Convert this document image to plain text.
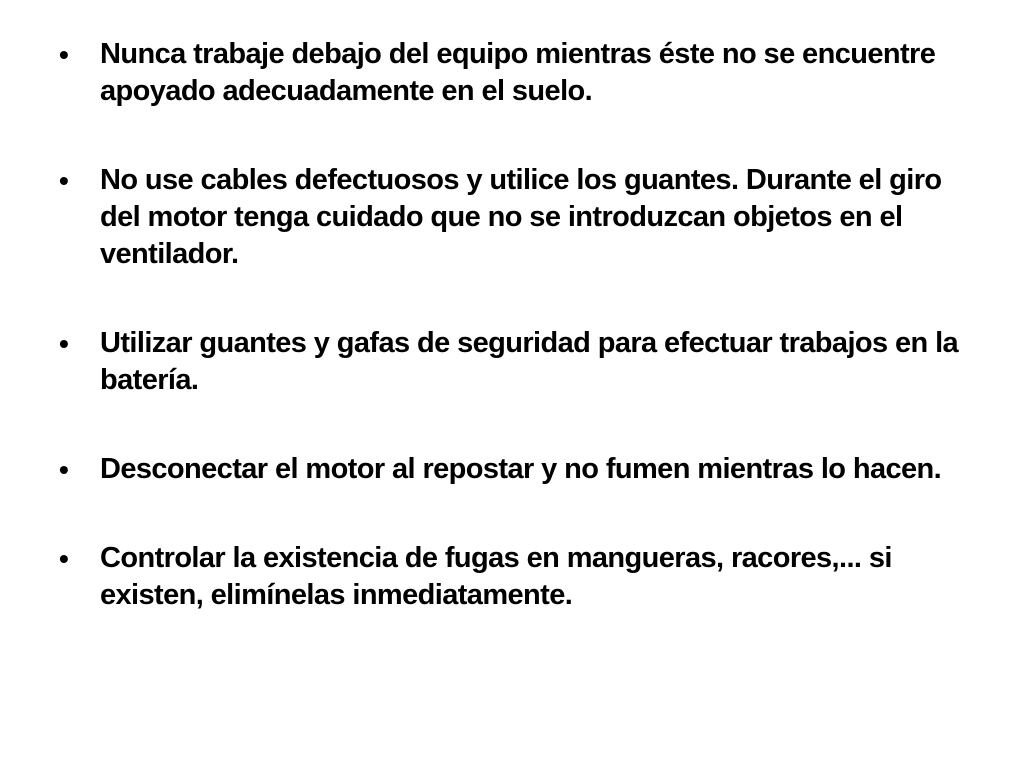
•	Nunca trabaje debajo del equipo mientras éste no se encuentre apoyado adecuadamente en el suelo.
•	No use cables defectuosos y utilice los guantes. Durante el giro del motor tenga cuidado que no se introduzcan objetos en el ventilador.
•	Utilizar guantes y gafas de seguridad para efectuar trabajos en la batería.
•	Desconectar el motor al repostar y no fumen mientras lo hacen.
•	Controlar la existencia de fugas en mangueras, racores,... si existen, elimínelas inmediatamente.
